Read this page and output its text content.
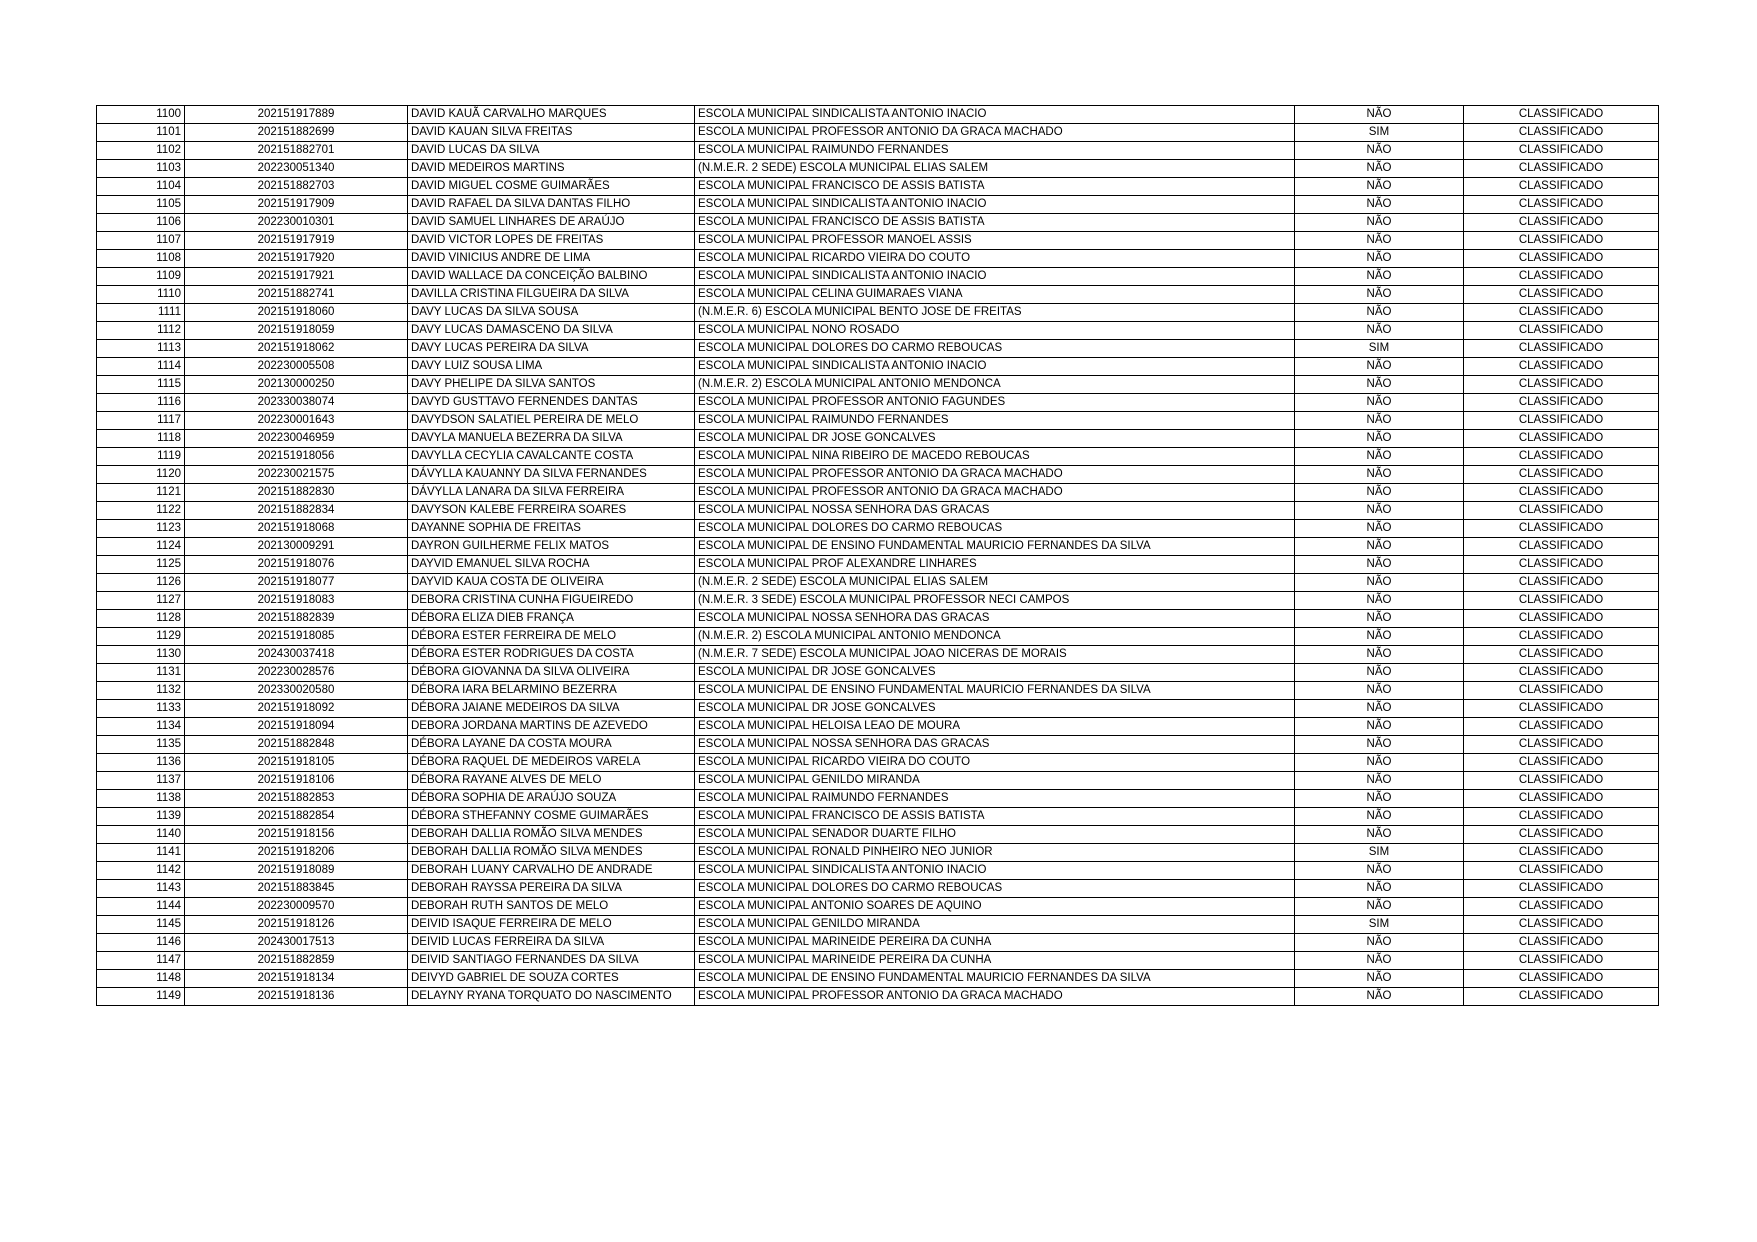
1100	202151917889	DAVID KAUÃ CARVALHO MARQUES	ESCOLA MUNICIPAL SINDICALISTA ANTONIO INACIO	NÃO	CLASSIFICADO
1101	202151882699	DAVID KAUAN SILVA FREITAS	ESCOLA MUNICIPAL PROFESSOR ANTONIO DA GRACA MACHADO	SIM	CLASSIFICADO
1102	202151882701	DAVID LUCAS DA SILVA	ESCOLA MUNICIPAL RAIMUNDO FERNANDES	NÃO	CLASSIFICADO
1103	202230051340	DAVID MEDEIROS MARTINS	(N.M.E.R. 2 SEDE) ESCOLA MUNICIPAL ELIAS SALEM	NÃO	CLASSIFICADO
1104	202151882703	DAVID MIGUEL COSME GUIMARÃES	ESCOLA MUNICIPAL FRANCISCO DE ASSIS BATISTA	NÃO	CLASSIFICADO
1105	202151917909	DAVID RAFAEL DA SILVA DANTAS FILHO	ESCOLA MUNICIPAL SINDICALISTA ANTONIO INACIO	NÃO	CLASSIFICADO
1106	202230010301	DAVID SAMUEL LINHARES DE ARAÚJO	ESCOLA MUNICIPAL FRANCISCO DE ASSIS BATISTA	NÃO	CLASSIFICADO
1107	202151917919	DAVID VICTOR LOPES DE FREITAS	ESCOLA MUNICIPAL PROFESSOR MANOEL ASSIS	NÃO	CLASSIFICADO
1108	202151917920	DAVID VINICIUS ANDRE DE LIMA	ESCOLA MUNICIPAL RICARDO VIEIRA DO COUTO	NÃO	CLASSIFICADO
1109	202151917921	DAVID WALLACE DA CONCEIÇÃO BALBINO	ESCOLA MUNICIPAL SINDICALISTA ANTONIO INACIO	NÃO	CLASSIFICADO
1110	202151882741	DAVILLA CRISTINA FILGUEIRA DA SILVA	ESCOLA MUNICIPAL CELINA GUIMARAES VIANA	NÃO	CLASSIFICADO
1111	202151918060	DAVY LUCAS DA SILVA SOUSA	(N.M.E.R. 6) ESCOLA MUNICIPAL BENTO JOSE DE FREITAS	NÃO	CLASSIFICADO
1112	202151918059	DAVY LUCAS DAMASCENO DA SILVA	ESCOLA MUNICIPAL NONO ROSADO	NÃO	CLASSIFICADO
1113	202151918062	DAVY LUCAS PEREIRA DA SILVA	ESCOLA MUNICIPAL DOLORES DO CARMO REBOUCAS	SIM	CLASSIFICADO
1114	202230005508	DAVY LUIZ SOUSA LIMA	ESCOLA MUNICIPAL SINDICALISTA ANTONIO INACIO	NÃO	CLASSIFICADO
1115	202130000250	DAVY PHELIPE DA SILVA SANTOS	(N.M.E.R. 2) ESCOLA MUNICIPAL ANTONIO MENDONCA	NÃO	CLASSIFICADO
1116	202330038074	DAVYD GUSTTAVO FERNENDES DANTAS	ESCOLA MUNICIPAL PROFESSOR ANTONIO FAGUNDES	NÃO	CLASSIFICADO
1117	202230001643	DAVYDSON SALATIEL PEREIRA DE MELO	ESCOLA MUNICIPAL RAIMUNDO FERNANDES	NÃO	CLASSIFICADO
1118	202230046959	DAVYLA MANUELA BEZERRA DA SILVA	ESCOLA MUNICIPAL DR JOSE GONCALVES	NÃO	CLASSIFICADO
1119	202151918056	DAVYLLA CECYLIA CAVALCANTE COSTA	ESCOLA MUNICIPAL NINA RIBEIRO DE MACEDO REBOUCAS	NÃO	CLASSIFICADO
1120	202230021575	DÁVYLLA KAUANNY DA SILVA FERNANDES	ESCOLA MUNICIPAL PROFESSOR ANTONIO DA GRACA MACHADO	NÃO	CLASSIFICADO
1121	202151882830	DÁVYLLA LANARA DA SILVA FERREIRA	ESCOLA MUNICIPAL PROFESSOR ANTONIO DA GRACA MACHADO	NÃO	CLASSIFICADO
1122	202151882834	DAVYSON KALEBE FERREIRA SOARES	ESCOLA MUNICIPAL NOSSA SENHORA DAS GRACAS	NÃO	CLASSIFICADO
1123	202151918068	DAYANNE SOPHIA DE FREITAS	ESCOLA MUNICIPAL DOLORES DO CARMO REBOUCAS	NÃO	CLASSIFICADO
1124	202130009291	DAYRON GUILHERME FELIX MATOS	ESCOLA MUNICIPAL DE ENSINO FUNDAMENTAL MAURICIO FERNANDES DA SILVA	NÃO	CLASSIFICADO
1125	202151918076	DAYVID EMANUEL SILVA ROCHA	ESCOLA MUNICIPAL PROF ALEXANDRE LINHARES	NÃO	CLASSIFICADO
1126	202151918077	DAYVID KAUA COSTA DE OLIVEIRA	(N.M.E.R. 2 SEDE) ESCOLA MUNICIPAL ELIAS SALEM	NÃO	CLASSIFICADO
1127	202151918083	DEBORA CRISTINA CUNHA FIGUEIREDO	(N.M.E.R. 3 SEDE) ESCOLA MUNICIPAL PROFESSOR NECI CAMPOS	NÃO	CLASSIFICADO
1128	202151882839	DÉBORA ELIZA DIEB FRANÇA	ESCOLA MUNICIPAL NOSSA SENHORA DAS GRACAS	NÃO	CLASSIFICADO
1129	202151918085	DÉBORA ESTER FERREIRA DE MELO	(N.M.E.R. 2) ESCOLA MUNICIPAL ANTONIO MENDONCA	NÃO	CLASSIFICADO
1130	202430037418	DÉBORA ESTER RODRIGUES DA COSTA	(N.M.E.R. 7 SEDE) ESCOLA MUNICIPAL JOAO NICERAS DE MORAIS	NÃO	CLASSIFICADO
1131	202230028576	DÉBORA GIOVANNA DA SILVA OLIVEIRA	ESCOLA MUNICIPAL DR JOSE GONCALVES	NÃO	CLASSIFICADO
1132	202330020580	DÉBORA IARA BELARMINO BEZERRA	ESCOLA MUNICIPAL DE ENSINO FUNDAMENTAL MAURICIO FERNANDES DA SILVA	NÃO	CLASSIFICADO
1133	202151918092	DÉBORA JAIANE MEDEIROS DA SILVA	ESCOLA MUNICIPAL DR JOSE GONCALVES	NÃO	CLASSIFICADO
1134	202151918094	DEBORA JORDANA MARTINS DE AZEVEDO	ESCOLA MUNICIPAL HELOISA LEAO DE MOURA	NÃO	CLASSIFICADO
1135	202151882848	DÉBORA LAYANE DA COSTA MOURA	ESCOLA MUNICIPAL NOSSA SENHORA DAS GRACAS	NÃO	CLASSIFICADO
1136	202151918105	DÉBORA RAQUEL DE MEDEIROS VARELA	ESCOLA MUNICIPAL RICARDO VIEIRA DO COUTO	NÃO	CLASSIFICADO
1137	202151918106	DÉBORA RAYANE ALVES DE MELO	ESCOLA MUNICIPAL GENILDO MIRANDA	NÃO	CLASSIFICADO
1138	202151882853	DÉBORA SOPHIA DE ARAÚJO SOUZA	ESCOLA MUNICIPAL RAIMUNDO FERNANDES	NÃO	CLASSIFICADO
1139	202151882854	DÉBORA STHEFANNY COSME GUIMARÃES	ESCOLA MUNICIPAL FRANCISCO DE ASSIS BATISTA	NÃO	CLASSIFICADO
1140	202151918156	DEBORAH DALLIA ROMÃO SILVA MENDES	ESCOLA MUNICIPAL SENADOR DUARTE FILHO	NÃO	CLASSIFICADO
1141	202151918206	DEBORAH DALLIA ROMÃO SILVA MENDES	ESCOLA MUNICIPAL RONALD PINHEIRO NEO JUNIOR	SIM	CLASSIFICADO
1142	202151918089	DEBORAH LUANY CARVALHO DE ANDRADE	ESCOLA MUNICIPAL SINDICALISTA ANTONIO INACIO	NÃO	CLASSIFICADO
1143	202151883845	DEBORAH RAYSSA PEREIRA DA SILVA	ESCOLA MUNICIPAL DOLORES DO CARMO REBOUCAS	NÃO	CLASSIFICADO
1144	202230009570	DEBORAH RUTH SANTOS DE MELO	ESCOLA MUNICIPAL ANTONIO SOARES DE AQUINO	NÃO	CLASSIFICADO
1145	202151918126	DEIVID ISAQUE FERREIRA DE MELO	ESCOLA MUNICIPAL GENILDO MIRANDA	SIM	CLASSIFICADO
1146	202430017513	DEIVID LUCAS FERREIRA DA SILVA	ESCOLA MUNICIPAL MARINEIDE PEREIRA DA CUNHA	NÃO	CLASSIFICADO
1147	202151882859	DEIVID SANTIAGO FERNANDES DA SILVA	ESCOLA MUNICIPAL MARINEIDE PEREIRA DA CUNHA	NÃO	CLASSIFICADO
1148	202151918134	DEIVYD GABRIEL DE SOUZA CORTES	ESCOLA MUNICIPAL DE ENSINO FUNDAMENTAL MAURICIO FERNANDES DA SILVA	NÃO	CLASSIFICADO
1149	202151918136	DELAYNY RYANA TORQUATO DO NASCIMENTO	ESCOLA MUNICIPAL PROFESSOR ANTONIO DA GRACA MACHADO	NÃO	CLASSIFICADO
